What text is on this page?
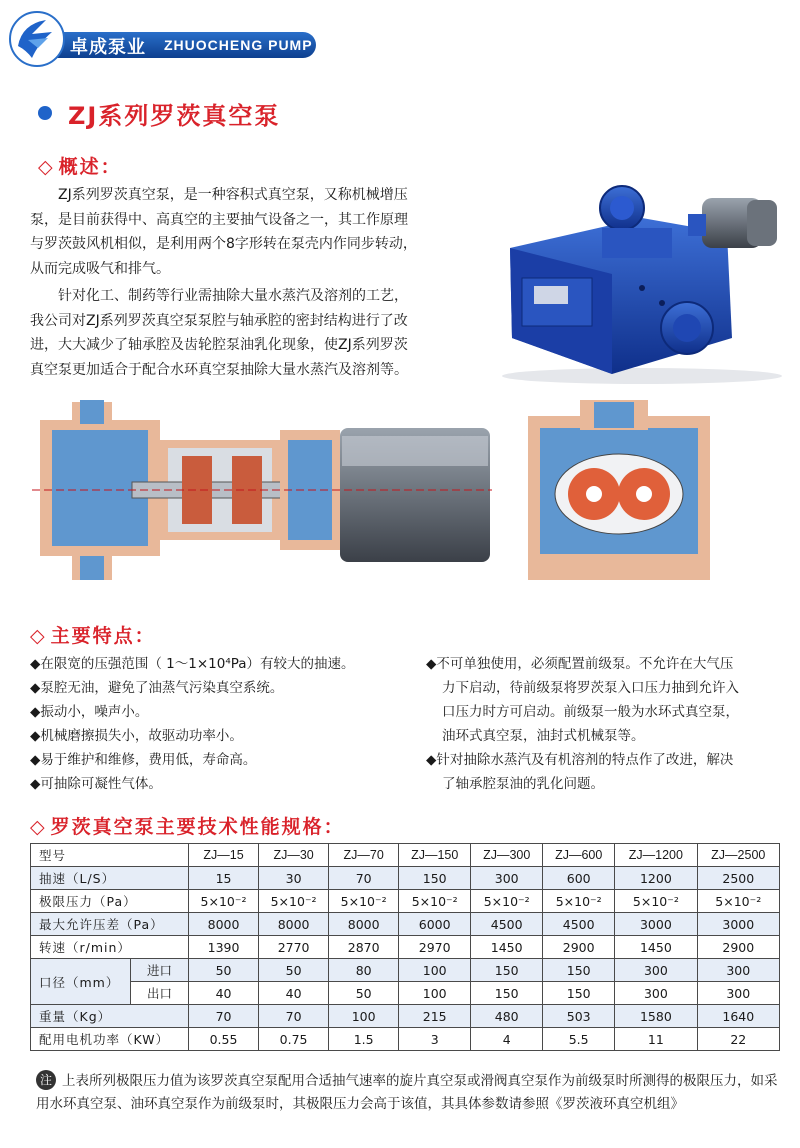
卓成泵业 ZHUOCHENG PUMP
ZJ系列罗茨真空泵
◇ 概述：

ZJ系列罗茨真空泵，是一种容积式真空泵，又称机械增压

泵，是目前获得中、高真空的主要抽气设备之一，其工作原理

与罗茨鼓风机相似，是利用两个8字形转在泵壳内作同步转动，

从而完成吸气和排气。

针对化工、制药等行业需抽除大量水蒸汽及溶剂的工艺，

我公司对ZJ系列罗茨真空泵泵腔与轴承腔的密封结构进行了改

进，大大减少了轴承腔及齿轮腔泵油乳化现象，使ZJ系列罗茨

真空泵更加适合于配合水环真空泵抽除大量水蒸汽及溶剂等。

◇ 主要特点：
◆在限宽的压强范围（ 1～1×10⁴Pa）有较大的抽速。
◆泵腔无油，避免了油蒸气污染真空系统。
◆振动小，噪声小。
◆机械磨擦损失小，故驱动功率小。
◆易于维护和维修，费用低，寿命高。
◆可抽除可凝性气体。
◆不可单独使用，必须配置前级泵。不允许在大气压
力下启动，待前级泵将罗茨泵入口压力抽到允许入
口压力时方可启动。前级泵一般为水环式真空泵，
油环式真空泵，油封式机械泵等。
◆针对抽除水蒸汽及有机溶剂的特点作了改进，解决
了轴承腔泵油的乳化问题。
◇ 罗茨真空泵主要技术性能规格：
型号		ZJ—15	ZJ—30	ZJ—70	ZJ—150	ZJ—300	ZJ—600	ZJ—1200	ZJ—2500
抽速（L/S）		15	30	70	150	300	600	1200	2500
极限压力（Pa）		5×10⁻²	5×10⁻²	5×10⁻²	5×10⁻²	5×10⁻²	5×10⁻²	5×10⁻²	5×10⁻²
最大允许压差（Pa）		8000	8000	8000	6000	4500	4500	3000	3000
转速（r/min）		1390	2770	2870	2970	1450	2900	1450	2900
口径（mm）	进口	50	50	80	100	150	150	300	300
	出口	40	40	50	100	150	150	300	300
重量（Kg）		70	70	100	215	480	503	1580	1640
配用电机功率（KW）		0.55	0.75	1.5	3	4	5.5	11	22
注 上表所列极限压力值为该罗茨真空泵配用合适抽气速率的旋片真空泵或滑阀真空泵作为前级泵时所测得的极限压力，如采用水环真空泵、油环真空泵作为前级泵时，其极限压力会高于该值，其具体参数请参照《罗茨液环真空机组》
